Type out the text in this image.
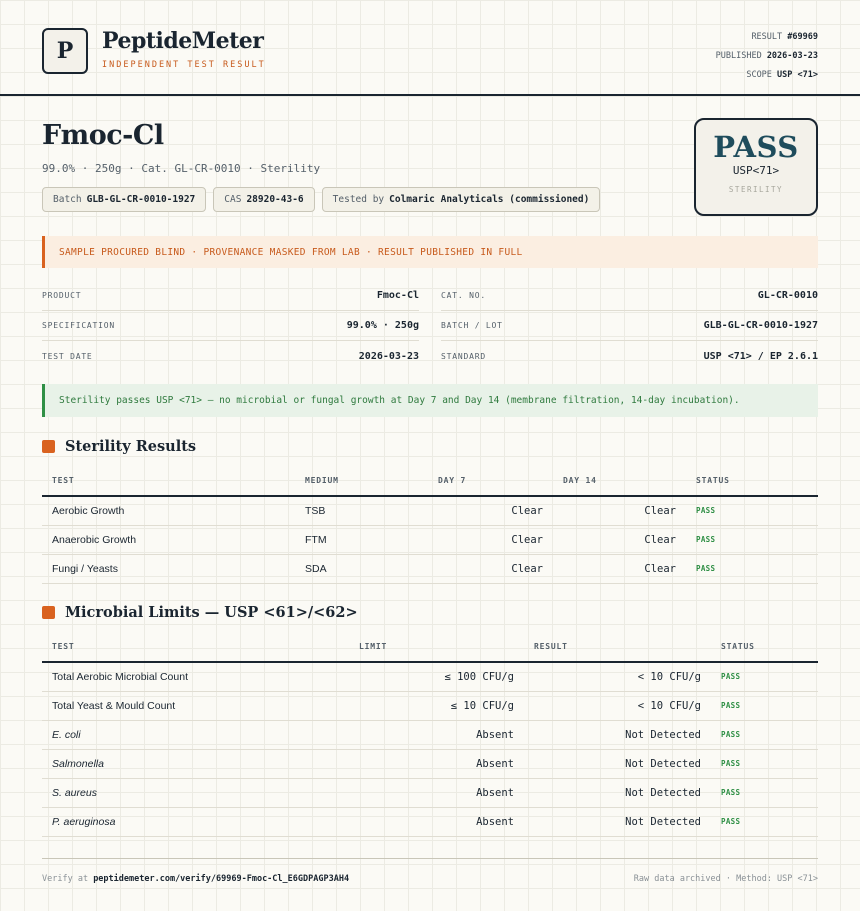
P PeptideMeter
INDEPENDENT TEST RESULT
RESULT #69969
PUBLISHED 2026-03-23
SCOPE USP <71>
Fmoc-Cl
99.0% · 250g · Cat. GL-CR-0010 · Sterility
Batch GLB-GL-CR-0010-1927	CAS 28920-43-6	Tested by Colmaric Analyticals (commissioned)
PASS
USP<71>
STERILITY
SAMPLE PROCURED BLIND · PROVENANCE MASKED FROM LAB · RESULT PUBLISHED IN FULL
PRODUCT	Fmoc-Cl
SPECIFICATION	99.0% · 250g
TEST DATE	2026-03-23
CAT. NO.	GL-CR-0010
BATCH / LOT	GLB-GL-CR-0010-1927
STANDARD	USP <71> / EP 2.6.1
Sterility passes USP <71> — no microbial or fungal growth at Day 7 and Day 14 (membrane filtration, 14-day incubation).
Sterility Results
TEST	MEDIUM	DAY 7	DAY 14	STATUS
Aerobic Growth	TSB	Clear	Clear	PASS
Anaerobic Growth	FTM	Clear	Clear	PASS
Fungi / Yeasts	SDA	Clear	Clear	PASS
Microbial Limits — USP <61>/<62>
TEST	LIMIT	RESULT	STATUS
Total Aerobic Microbial Count	≤ 100 CFU/g	< 10 CFU/g	PASS
Total Yeast & Mould Count	≤ 10 CFU/g	< 10 CFU/g	PASS
E. coli	Absent	Not Detected	PASS
Salmonella	Absent	Not Detected	PASS
S. aureus	Absent	Not Detected	PASS
P. aeruginosa	Absent	Not Detected	PASS
Verify at peptidemeter.com/verify/69969-Fmoc-Cl_E6GDPAGP3AH4	Raw data archived · Method: USP <71>
